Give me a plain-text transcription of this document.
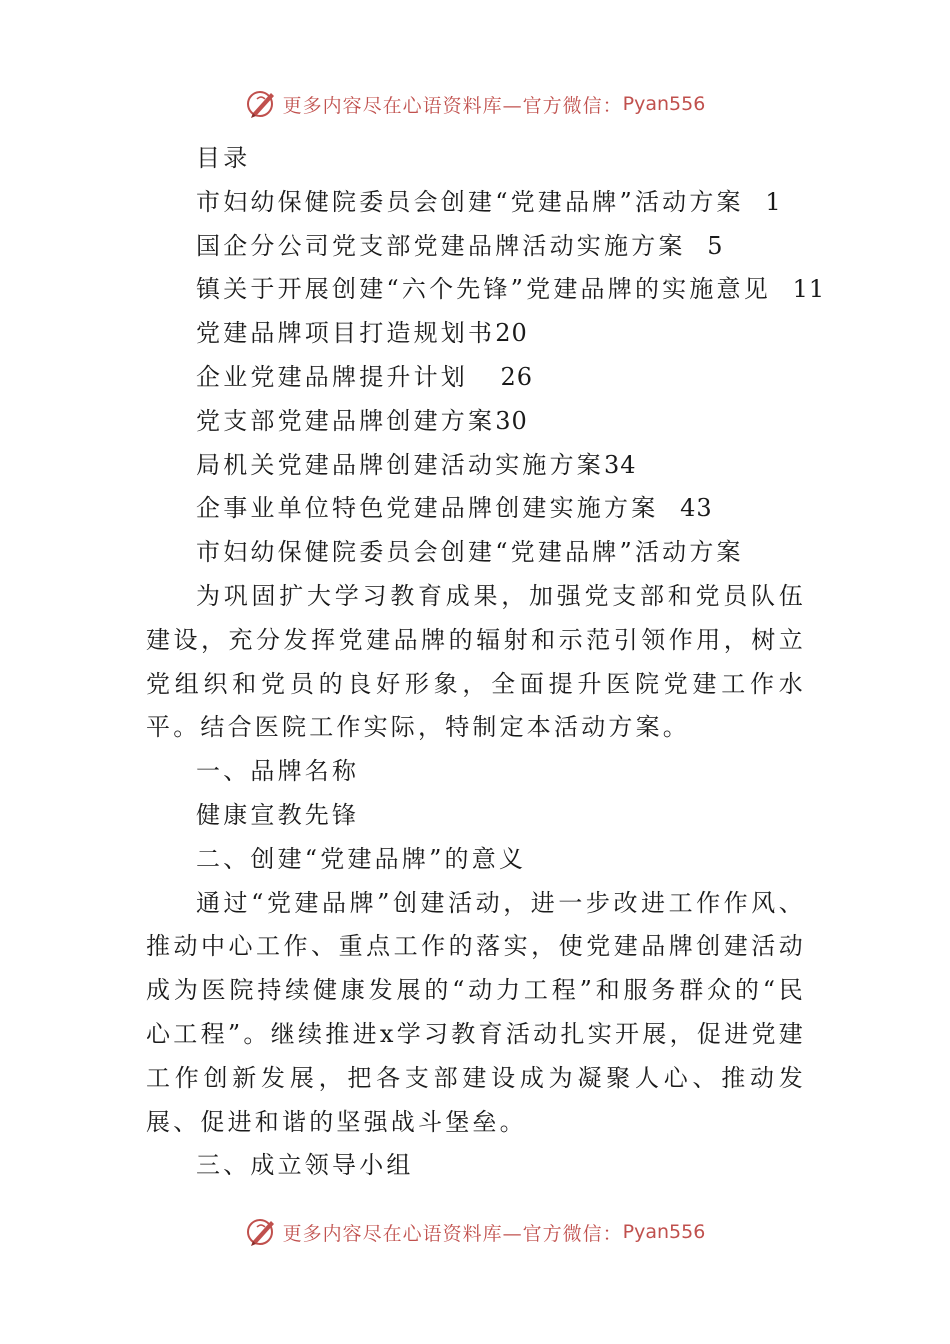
更多内容尽在心语资料库—官方微信： Pyan556
目录
市妇幼保健院委员会创建“党建品牌”活动方案 1
国企分公司党支部党建品牌活动实施方案 5
镇关于开展创建“六个先锋”党建品牌的实施意见 11
党建品牌项目打造规划书20
企业党建品牌提升计划 26
党支部党建品牌创建方案30
局机关党建品牌创建活动实施方案34
企事业单位特色党建品牌创建实施方案 43
市妇幼保健院委员会创建“党建品牌”活动方案
为巩固扩大学习教育成果，加强党支部和党员队伍建设，充分发挥党建品牌的辐射和示范引领作用，树立党组织和党员的良好形象，全面提升医院党建工作水平。结合医院工作实际，特制定本活动方案。
一、品牌名称
健康宣教先锋
二、创建“党建品牌”的意义
通过“党建品牌”创建活动，进一步改进工作作风、推动中心工作、重点工作的落实，使党建品牌创建活动成为医院持续健康发展的“动力工程”和服务群众的“民心工程”。继续推进x学习教育活动扎实开展，促进党建工作创新发展，把各支部建设成为凝聚人心、推动发展、促进和谐的坚强战斗堡垒。
三、成立领导小组
更多内容尽在心语资料库—官方微信： Pyan556
